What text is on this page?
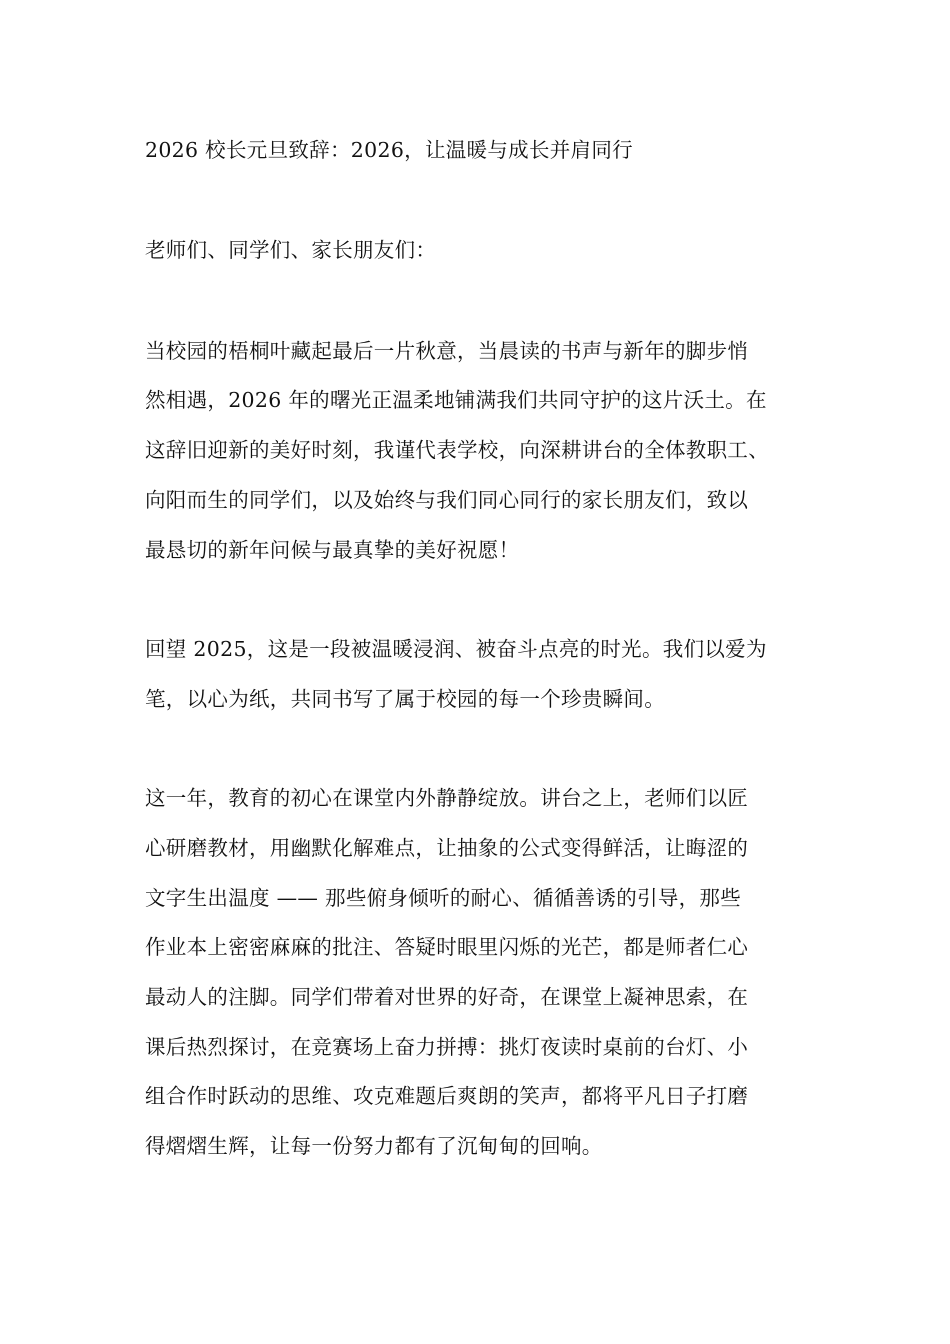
2026 校长元旦致辞：2026，让温暖与成长并肩同行
老师们、同学们、家长朋友们：
当校园的梧桐叶藏起最后一片秋意，当晨读的书声与新年的脚步悄
然相遇，2026 年的曙光正温柔地铺满我们共同守护的这片沃土。在
这辞旧迎新的美好时刻，我谨代表学校，向深耕讲台的全体教职工、
向阳而生的同学们，以及始终与我们同心同行的家长朋友们，致以
最恳切的新年问候与最真挚的美好祝愿！
回望 2025，这是一段被温暖浸润、被奋斗点亮的时光。我们以爱为
笔，以心为纸，共同书写了属于校园的每一个珍贵瞬间。
这一年，教育的初心在课堂内外静静绽放。讲台之上，老师们以匠
心研磨教材，用幽默化解难点，让抽象的公式变得鲜活，让晦涩的
文字生出温度 —— 那些俯身倾听的耐心、循循善诱的引导，那些
作业本上密密麻麻的批注、答疑时眼里闪烁的光芒，都是师者仁心
最动人的注脚。同学们带着对世界的好奇，在课堂上凝神思索，在
课后热烈探讨，在竞赛场上奋力拼搏：挑灯夜读时桌前的台灯、小
组合作时跃动的思维、攻克难题后爽朗的笑声，都将平凡日子打磨
得熠熠生辉，让每一份努力都有了沉甸甸的回响。
